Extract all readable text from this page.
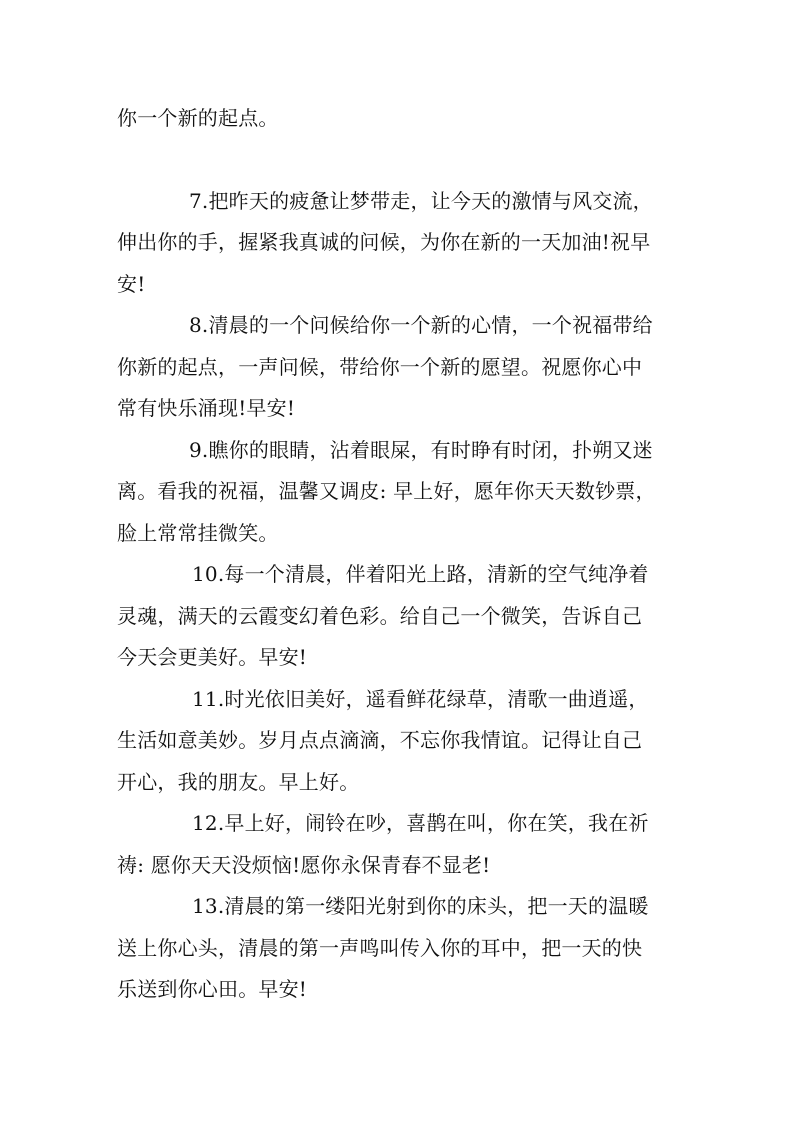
你一个新的起点。
7.把昨天的疲惫让梦带走，让今天的激情与风交流，
伸出你的手，握紧我真诚的问候，为你在新的一天加油!祝早
安!
8.清晨的一个问候给你一个新的心情，一个祝福带给
你新的起点，一声问候，带给你一个新的愿望。祝愿你心中
常有快乐涌现!早安!
9.瞧你的眼睛，沾着眼屎，有时睁有时闭，扑朔又迷
离。看我的祝福，温馨又调皮: 早上好，愿年你天天数钞票，
脸上常常挂微笑。
10.每一个清晨，伴着阳光上路，清新的空气纯净着
灵魂，满天的云霞变幻着色彩。给自己一个微笑，告诉自己
今天会更美好。早安!
11.时光依旧美好，遥看鲜花绿草，清歌一曲逍遥，
生活如意美妙。岁月点点滴滴，不忘你我情谊。记得让自己
开心，我的朋友。早上好。
12.早上好，闹铃在吵，喜鹊在叫，你在笑，我在祈
祷: 愿你天天没烦恼!愿你永保青春不显老!
13.清晨的第一缕阳光射到你的床头，把一天的温暖
送上你心头，清晨的第一声鸣叫传入你的耳中，把一天的快
乐送到你心田。早安!
